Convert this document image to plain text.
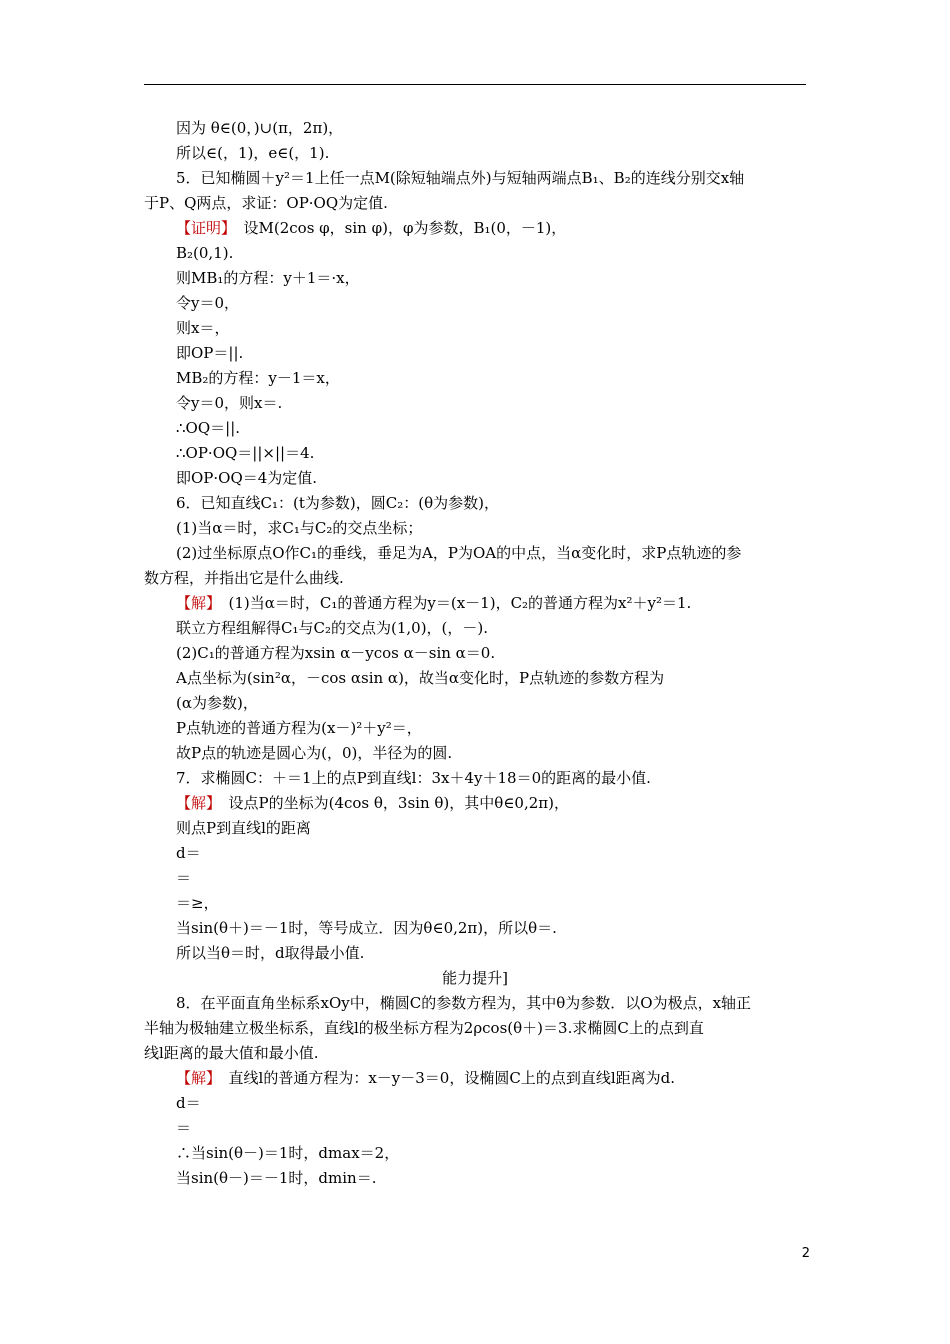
因为 θ∈(0，)∪(π，2π)，
所以∈(，1)，e∈(，1).
5．已知椭圆＋y²＝1上任一点M(除短轴端点外)与短轴两端点B₁、B₂的连线分别交x轴
于P、Q两点，求证：OP·OQ为定值.
【证明】　设M(2cos φ，sin φ)，φ为参数，B₁(0，－1)，
B₂(0,1).
则MB₁的方程：y＋1＝·x，
令y＝0，
则x＝，
即OP＝||.
MB₂的方程：y－1＝x，
令y＝0，则x＝.
∴OQ＝||.
∴OP·OQ＝||×||＝4.
即OP·OQ＝4为定值.
6．已知直线C₁：(t为参数)，圆C₂：(θ为参数)，
(1)当α＝时，求C₁与C₂的交点坐标；
(2)过坐标原点O作C₁的垂线，垂足为A，P为OA的中点，当α变化时，求P点轨迹的参
数方程，并指出它是什么曲线.
【解】　(1)当α＝时，C₁的普通方程为y＝(x－1)，C₂的普通方程为x²＋y²＝1.
联立方程组解得C₁与C₂的交点为(1,0)，(，－).
(2)C₁的普通方程为xsin α－ycos α－sin α＝0.
A点坐标为(sin²α，－cos αsin α)，故当α变化时，P点轨迹的参数方程为
(α为参数)，
P点轨迹的普通方程为(x－)²＋y²＝，
故P点的轨迹是圆心为(，0)，半径为的圆.
7．求椭圆C：＋＝1上的点P到直线l：3x＋4y＋18＝0的距离的最小值.
【解】　设点P的坐标为(4cos θ，3sin θ)，其中θ∈0,2π)，
则点P到直线l的距离
d＝
＝
＝≥，
当sin(θ＋)＝－1时，等号成立．因为θ∈0,2π)，所以θ＝.
所以当θ＝时，d取得最小值.
能力提升]
8．在平面直角坐标系xOy中，椭圆C的参数方程为，其中θ为参数．以O为极点，x轴正
半轴为极轴建立极坐标系，直线l的极坐标方程为2ρcos(θ＋)＝3.求椭圆C上的点到直
线l距离的最大值和最小值.
【解】　直线l的普通方程为：x－y－3＝0，设椭圆C上的点到直线l距离为d.
d＝
＝
∴当sin(θ－)＝1时，dmax＝2，
当sin(θ－)＝－1时，dmin＝.
2
